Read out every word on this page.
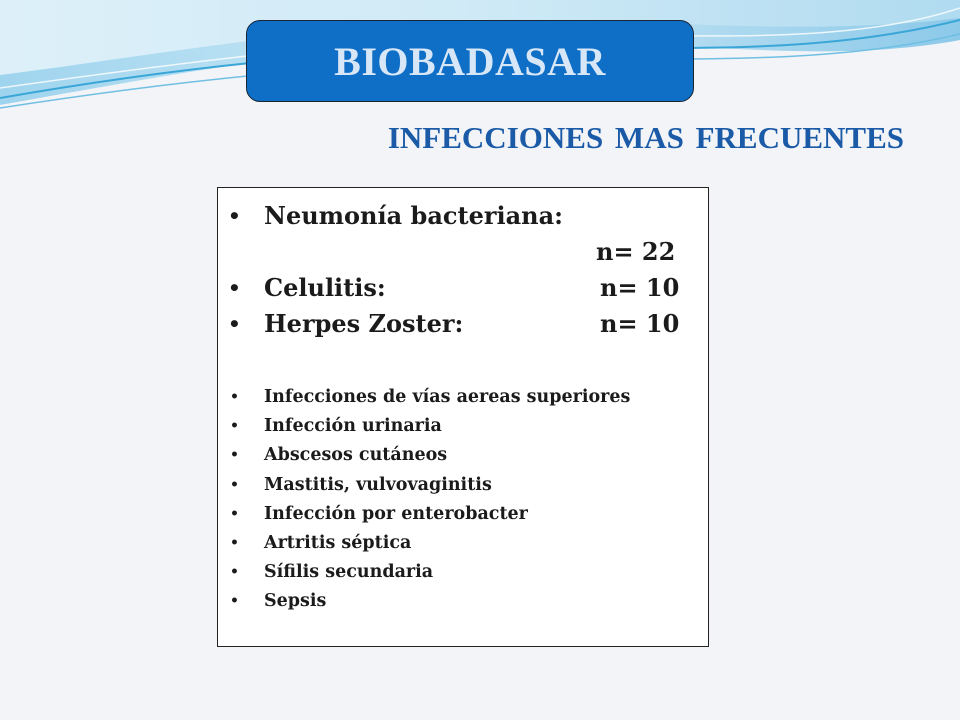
BIOBADASAR
INFECCIONES MAS FRECUENTES
• Neumonía bacteriana:
n= 22
• Celulitis:	n= 10
• Herpes Zoster:	n= 10
• Infecciones de vías aereas superiores
• Infección urinaria
• Abscesos cutáneos
• Mastitis, vulvovaginitis
• Infección por enterobacter
• Artritis séptica
• Sífilis secundaria
• Sepsis
